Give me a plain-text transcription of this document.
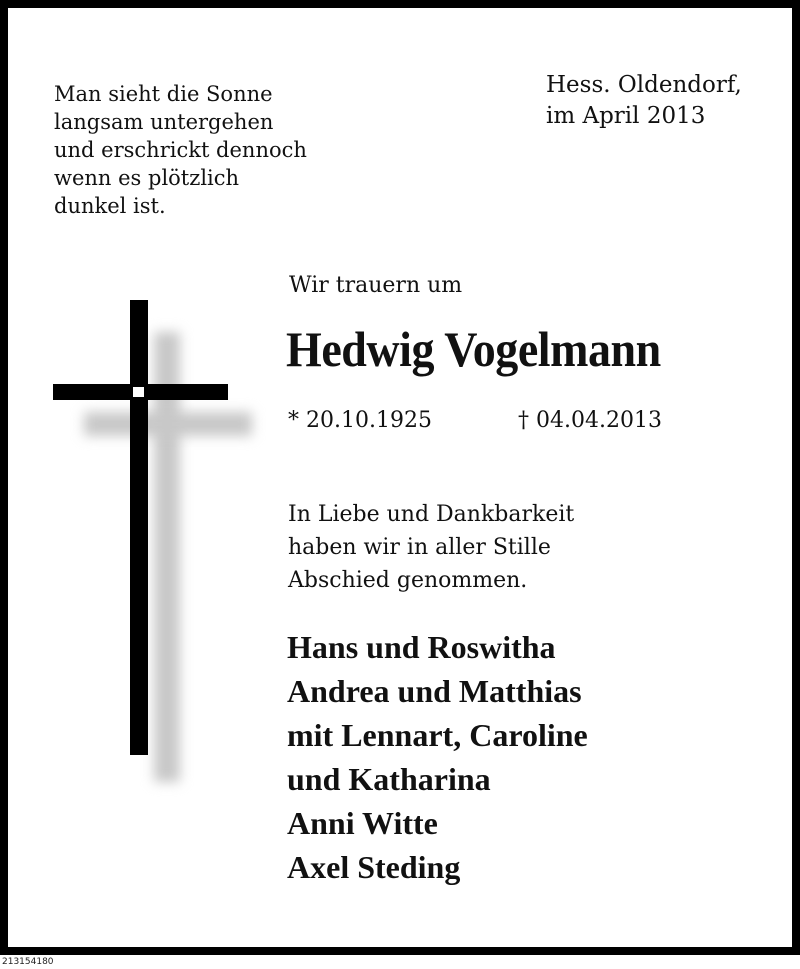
Man sieht die Sonne
langsam untergehen
und erschrickt dennoch
wenn es plötzlich
dunkel ist.
Hess. Oldendorf,
im April 2013
Wir trauern um
Hedwig Vogelmann
* 20.10.1925	† 04.04.2013
In Liebe und Dankbarkeit
haben wir in aller Stille
Abschied genommen.
Hans und Roswitha
Andrea und Matthias
mit Lennart, Caroline
und Katharina
Anni Witte
Axel Steding
213154180
